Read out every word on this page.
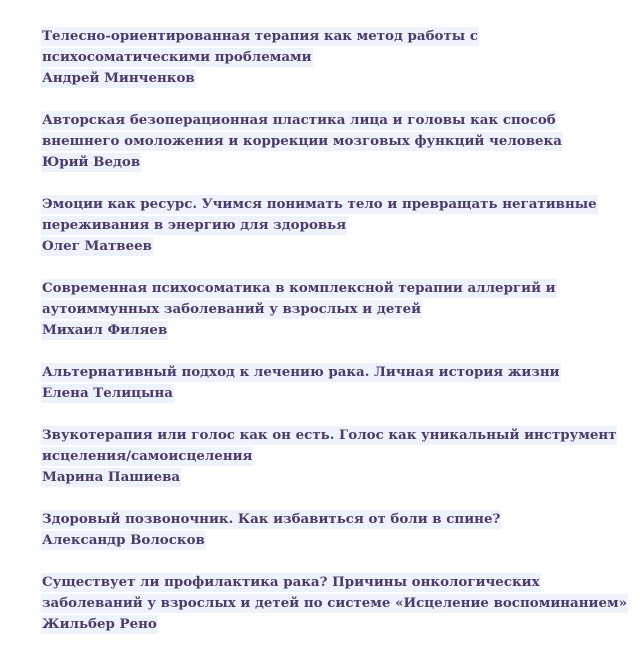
Телесно-ориентированная терапия как метод работы с
психосоматическими проблемами
Андрей Минченков
Авторская безоперационная пластика лица и головы как способ
внешнего омоложения и коррекции мозговых функций человека
Юрий Ведов
Эмоции как ресурс. Учимся понимать тело и превращать негативные
переживания в энергию для здоровья
Олег Матвеев
Современная психосоматика в комплексной терапии аллергий и
аутоиммунных заболеваний у взрослых и детей
Михаил Филяев
Альтернативный подход к лечению рака. Личная история жизни
Елена Телицына
Звукотерапия или голос как он есть. Голос как уникальный инструмент
исцеления/самоисцеления
Марина Пашиева
Здоровый позвоночник. Как избавиться от боли в спине?
Александр Волосков
Существует ли профилактика рака? Причины онкологических
заболеваний у взрослых и детей по системе «Исцеление воспоминанием»
Жильбер Рено
